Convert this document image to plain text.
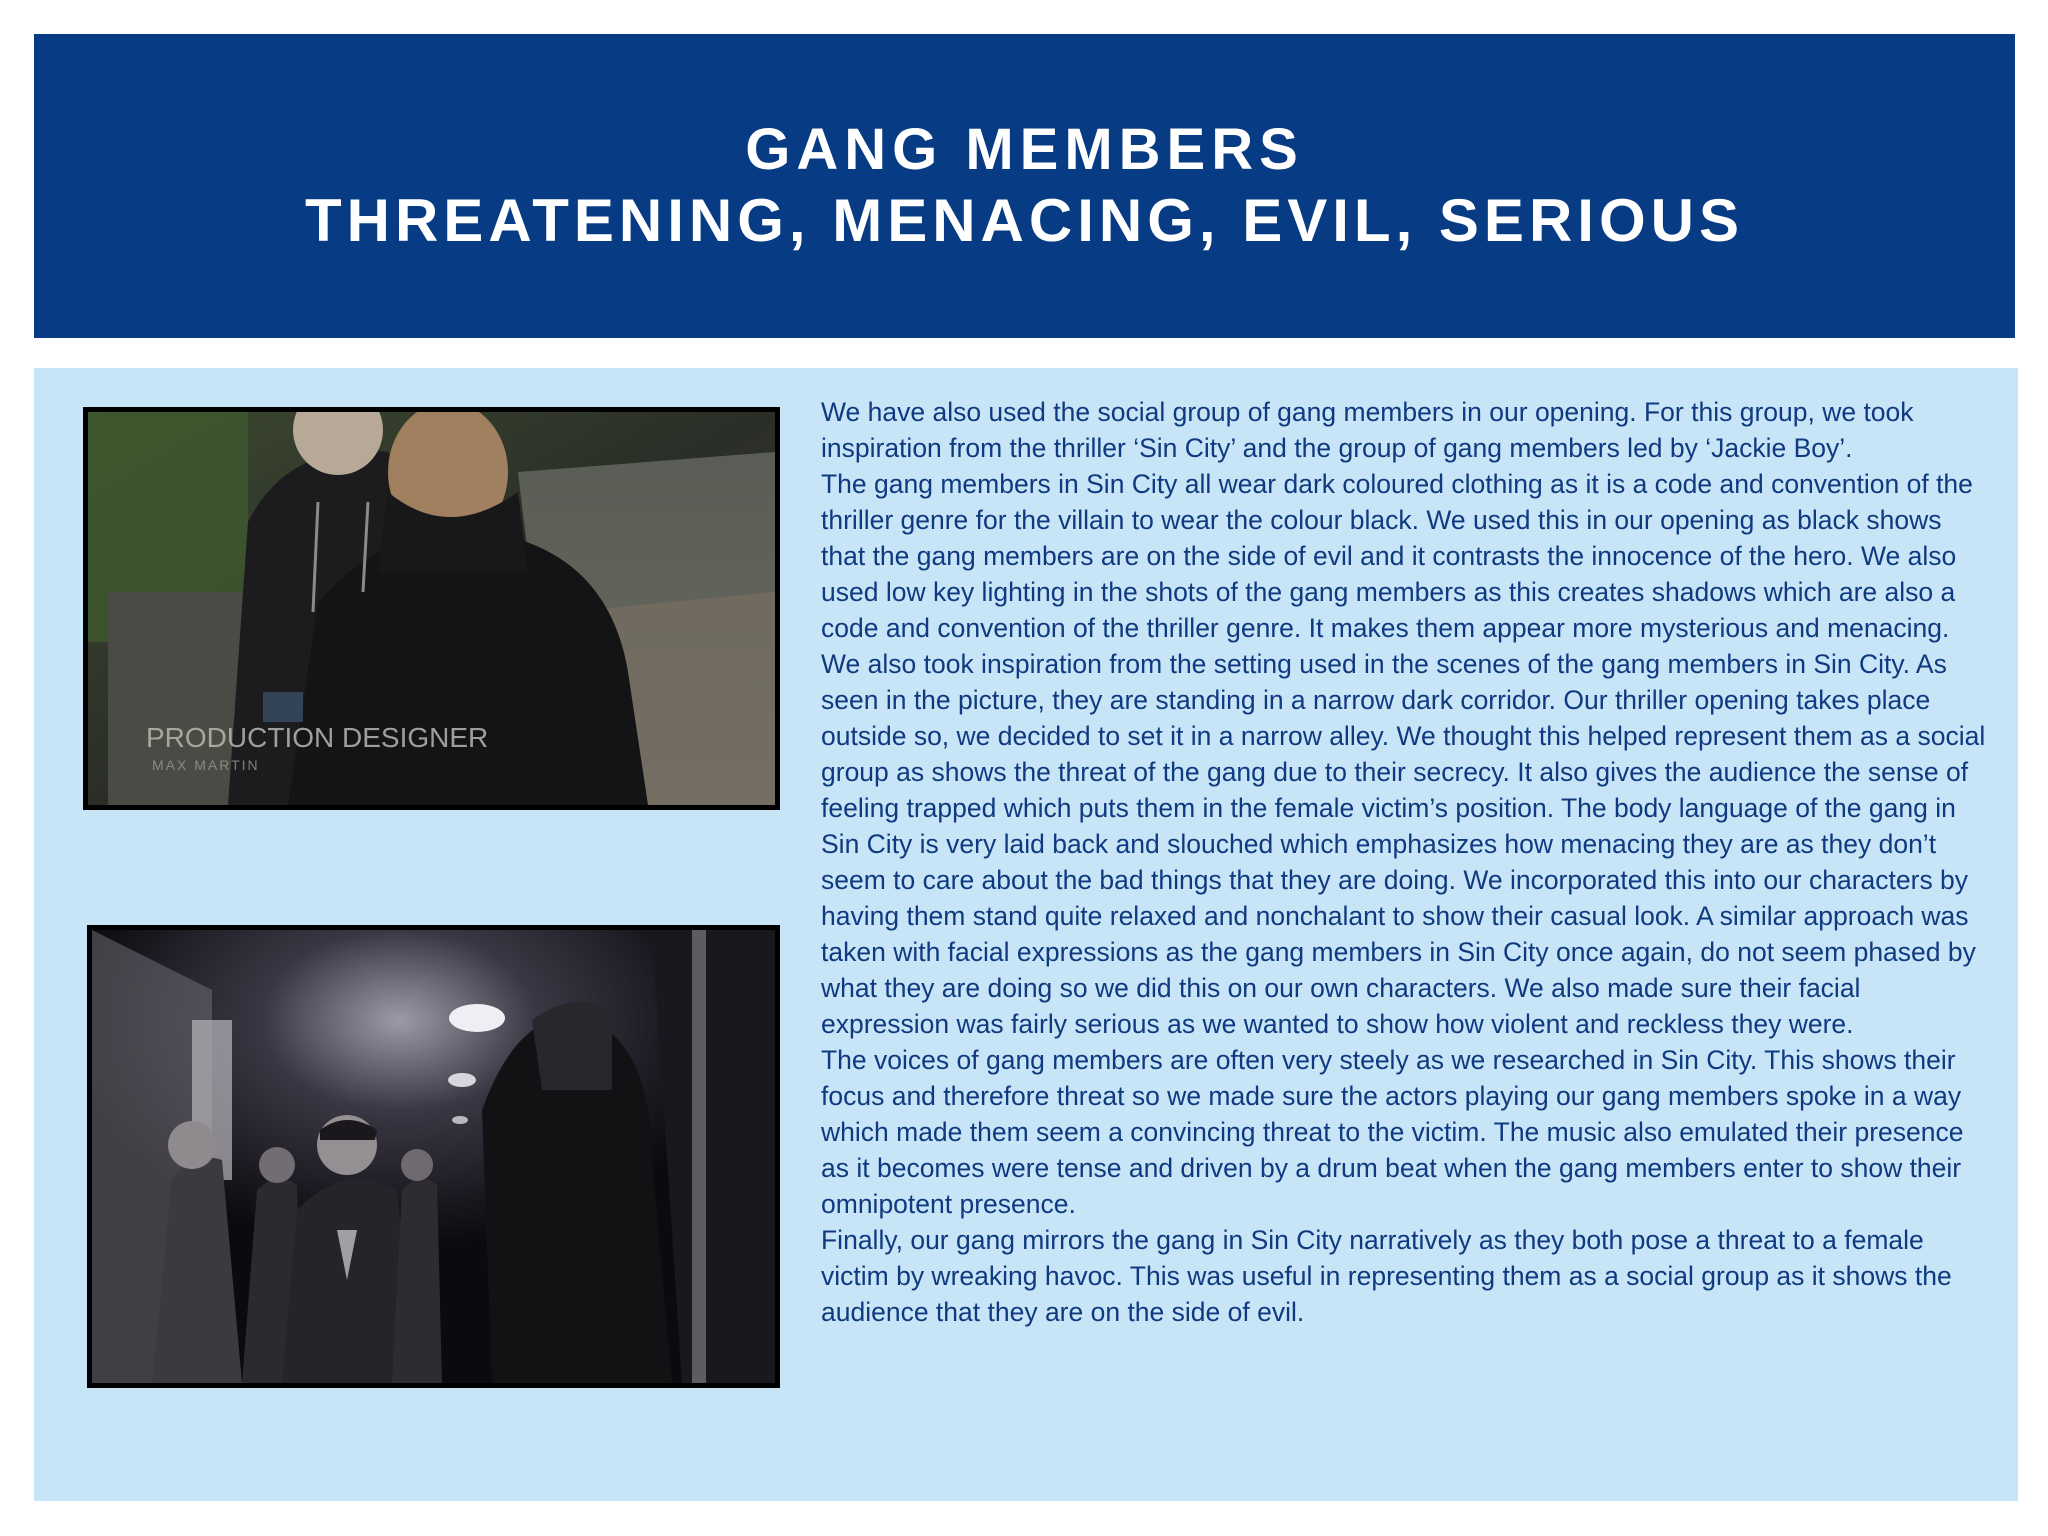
GANG MEMBERS
THREATENING, MENACING, EVIL, SERIOUS
PRODUCTION DESIGNER
MAX MARTIN

We have also used the social group of gang members in our opening. For this group, we took inspiration from the thriller ‘Sin City’ and the group of gang members led by ‘Jackie Boy’.

The gang members in Sin City all wear dark coloured clothing as it is a code and convention of the thriller genre for the villain to wear the colour black. We used this in our opening as black shows that the gang members are on the side of evil and it contrasts the innocence of the hero. We also used low key lighting in the shots of the gang members as this creates shadows which are also a code and convention of the thriller genre. It makes them appear more mysterious and menacing.

We also took inspiration from the setting used in the scenes of the gang members in Sin City. As seen in the picture, they are standing in a narrow dark corridor. Our thriller opening takes place outside so, we decided to set it in a narrow alley. We thought this helped represent them as a social group as shows the threat of the gang due to their secrecy. It also gives the audience the sense of feeling trapped which puts them in the female victim’s position. The body language of the gang in Sin City is very laid back and slouched which emphasizes how menacing they are as they don’t seem to care about the bad things that they are doing. We incorporated this into our characters by having them stand quite relaxed and nonchalant to show their casual look. A similar approach was taken with facial expressions as the gang members in Sin City once again, do not seem phased by what they are doing so we did this on our own characters. We also made sure their facial expression was fairly serious as we wanted to show how violent and reckless they were.

The voices of gang members are often very steely as we researched in Sin City. This shows their focus and therefore threat so we made sure the actors playing our gang members spoke in a way which made them seem a convincing threat to the victim. The music also emulated their presence as it becomes were tense and driven by a drum beat when the gang members enter to show their omnipotent presence.

Finally, our gang mirrors the gang in Sin City narratively as they both pose a threat to a female victim by wreaking havoc. This was useful in representing them as a social group as it shows the audience that they are on the side of evil.
